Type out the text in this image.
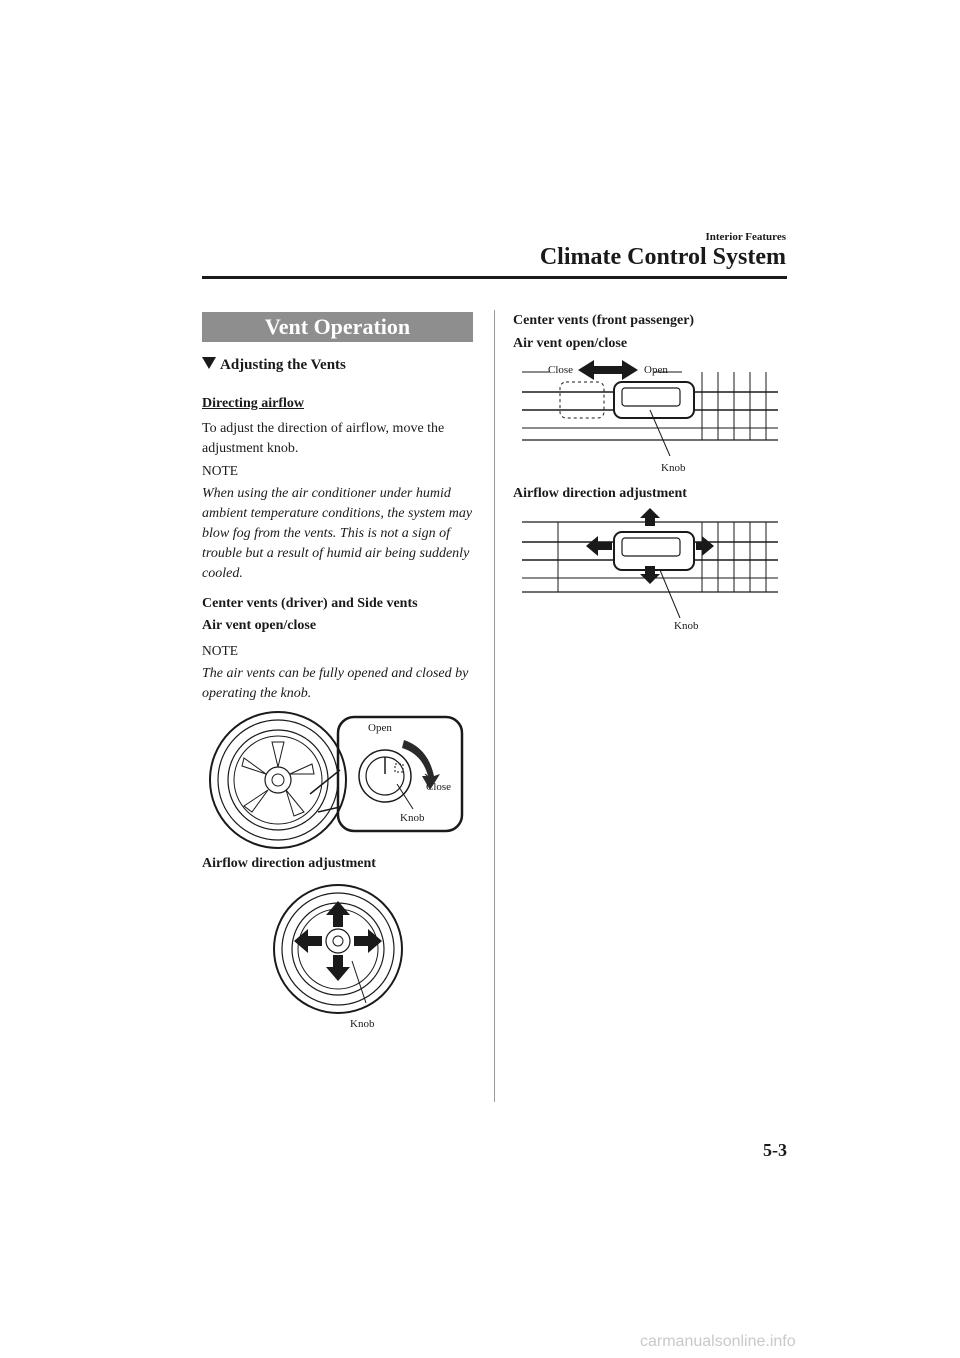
Interior Features
Climate Control System
Vent Operation
Adjusting the Vents
Directing airflow
To adjust the direction of airflow, move the adjustment knob.
NOTE
When using the air conditioner under humid ambient temperature conditions, the system may blow fog from the vents. This is not a sign of trouble but a result of humid air being suddenly cooled.
Center vents (driver) and Side vents
Air vent open/close
NOTE
The air vents can be fully opened and closed by operating the knob.
Open
Close
Knob
Airflow direction adjustment
Knob
Center vents (front passenger)
Air vent open/close
Close	Open
Knob
Airflow direction adjustment
Knob
5-3
carmanualsonline.info
